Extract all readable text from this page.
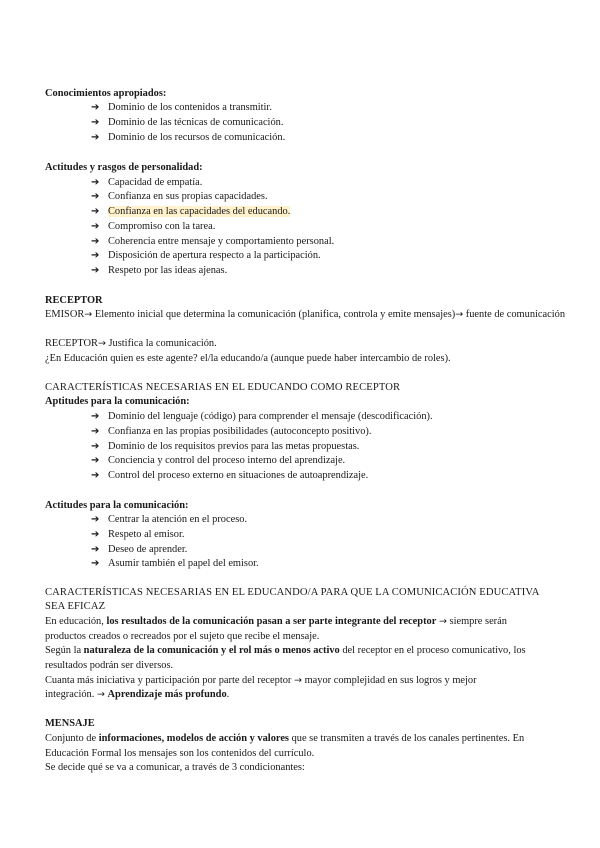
Conocimientos apropiados:
➔ Dominio de los contenidos a transmitir.
➔ Dominio de las técnicas de comunicación.
➔ Dominio de los recursos de comunicación.
Actitudes y rasgos de personalidad:
➔ Capacidad de empatía.
➔ Confianza en sus propias capacidades.
➔ Confianza en las capacidades del educando.
➔ Compromiso con la tarea.
➔ Coherencia entre mensaje y comportamiento personal.
➔ Disposición de apertura respecto a la participación.
➔ Respeto por las ideas ajenas.
RECEPTOR
EMISOR→ Elemento inicial que determina la comunicación (planifica, controla y emite mensajes)→ fuente de comunicación
RECEPTOR→ Justifica la comunicación.
¿En Educación quien es este agente? el/la educando/a (aunque puede haber intercambio de roles).
CARACTERÍSTICAS NECESARIAS EN EL EDUCANDO COMO RECEPTOR
Aptitudes para la comunicación:
➔ Dominio del lenguaje (código) para comprender el mensaje (descodificación).
➔ Confianza en las propias posibilidades (autoconcepto positivo).
➔ Dominio de los requisitos previos para las metas propuestas.
➔ Conciencia y control del proceso interno del aprendizaje.
➔ Control del proceso externo en situaciones de autoaprendizaje.
Actitudes para la comunicación:
➔ Centrar la atención en el proceso.
➔ Respeto al emisor.
➔ Deseo de aprender.
➔ Asumir también el papel del emisor.
CARACTERÍSTICAS NECESARIAS EN EL EDUCANDO/A PARA QUE LA COMUNICACIÓN EDUCATIVA
SEA EFICAZ
En educación, los resultados de la comunicación pasan a ser parte integrante del receptor → siempre serán
productos creados o recreados por el sujeto que recibe el mensaje.
Según la naturaleza de la comunicación y el rol más o menos activo del receptor en el proceso comunicativo, los
resultados podrán ser diversos.
Cuanta más iniciativa y participación por parte del receptor → mayor complejidad en sus logros y mejor
integración. → Aprendizaje más profundo.
MENSAJE
Conjunto de informaciones, modelos de acción y valores que se transmiten a través de los canales pertinentes. En
Educación Formal los mensajes son los contenidos del currículo.
Se decide qué se va a comunicar, a través de 3 condicionantes:
